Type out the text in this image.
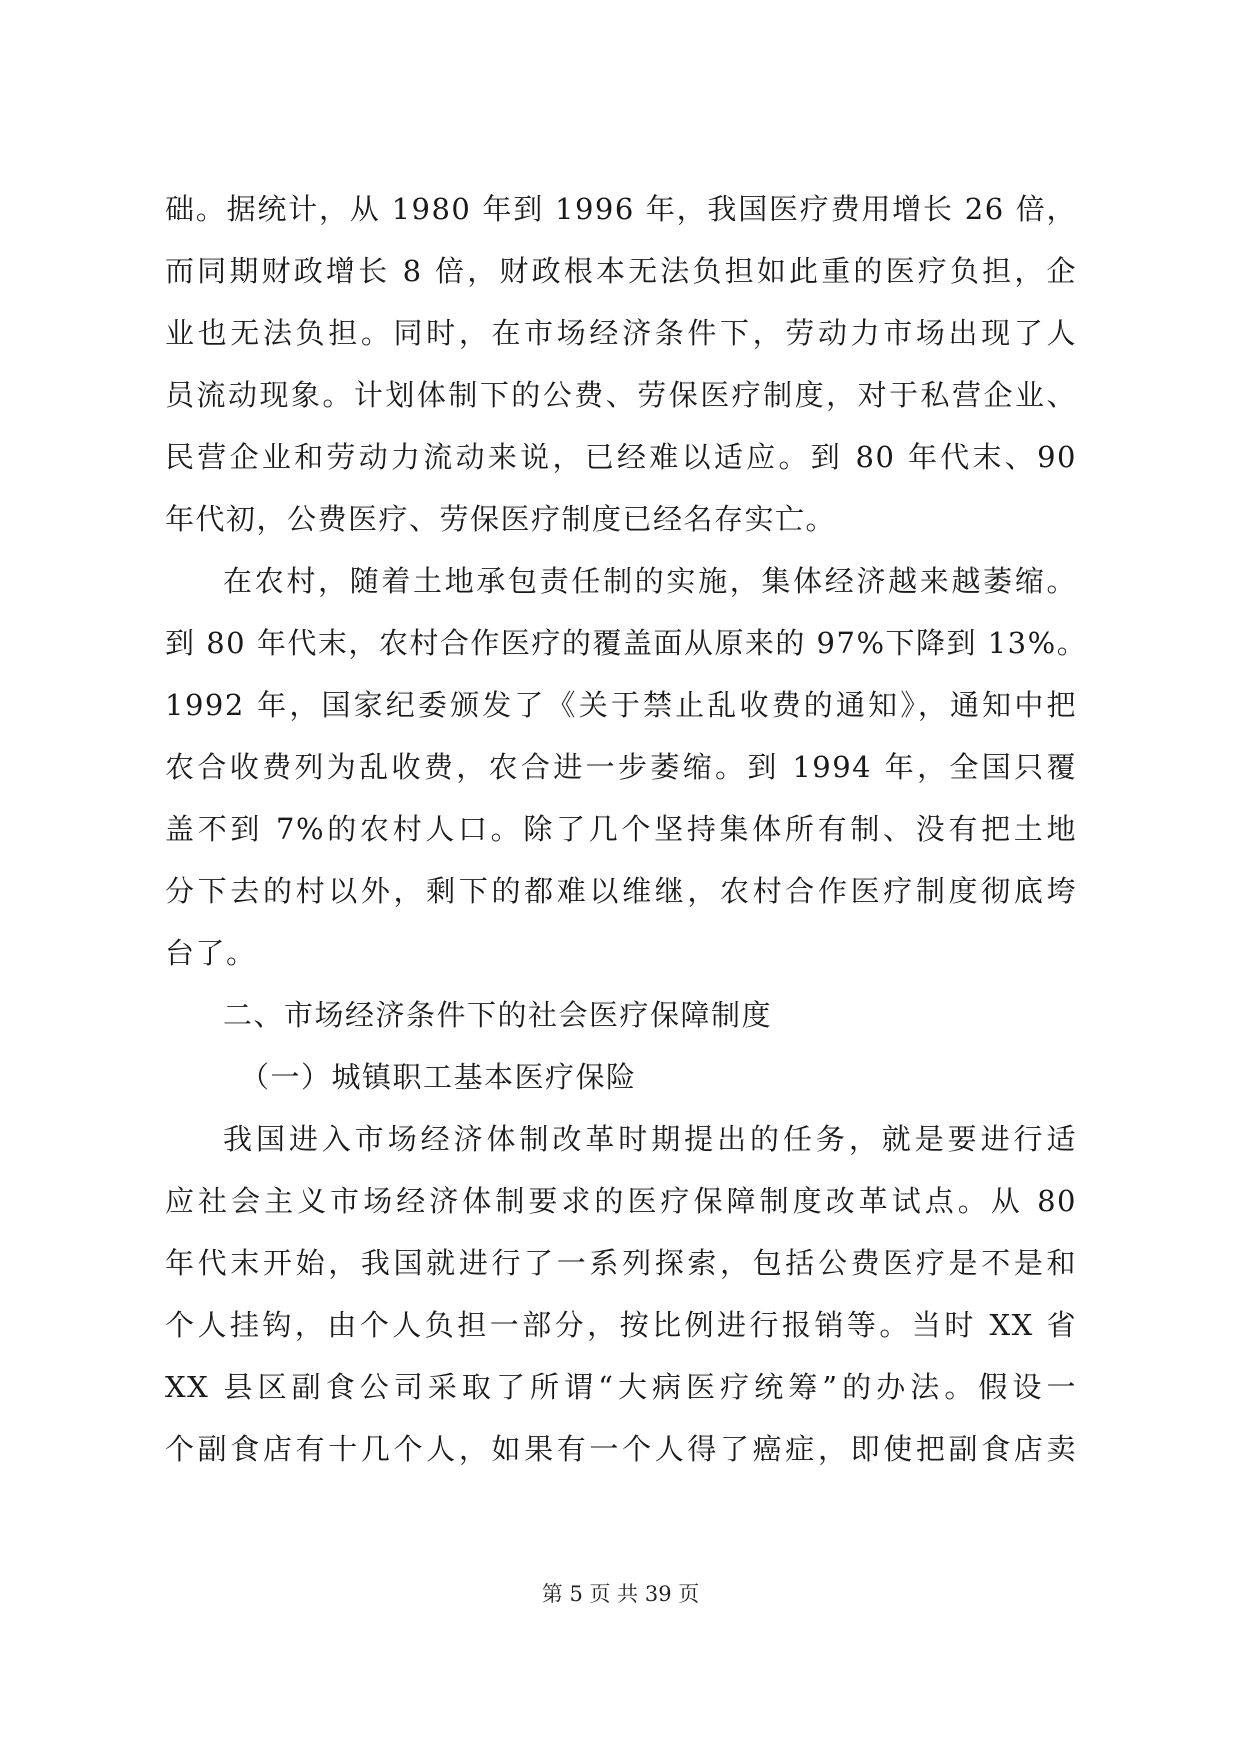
础。据统计，从 1980 年到 1996 年，我国医疗费用增长 26 倍，
而同期财政增长 8 倍，财政根本无法负担如此重的医疗负担，企
业也无法负担。同时，在市场经济条件下，劳动力市场出现了人
员流动现象。计划体制下的公费、劳保医疗制度，对于私营企业、
民营企业和劳动力流动来说，已经难以适应。到 80 年代末、90
年代初，公费医疗、劳保医疗制度已经名存实亡。
在农村，随着土地承包责任制的实施，集体经济越来越萎缩。
到 80 年代末，农村合作医疗的覆盖面从原来的 97%下降到 13%。
1992 年，国家纪委颁发了《关于禁止乱收费的通知》，通知中把
农合收费列为乱收费，农合进一步萎缩。到 1994 年，全国只覆
盖不到 7%的农村人口。除了几个坚持集体所有制、没有把土地
分下去的村以外，剩下的都难以维继，农村合作医疗制度彻底垮
台了。
二、市场经济条件下的社会医疗保障制度
（一）城镇职工基本医疗保险
我国进入市场经济体制改革时期提出的任务，就是要进行适
应社会主义市场经济体制要求的医疗保障制度改革试点。从 80
年代末开始，我国就进行了一系列探索，包括公费医疗是不是和
个人挂钩，由个人负担一部分，按比例进行报销等。当时 XX 省
XX 县区副食公司采取了所谓“大病医疗统筹”的办法。假设一
个副食店有十几个人，如果有一个人得了癌症，即使把副食店卖
第 5 页 共 39 页
